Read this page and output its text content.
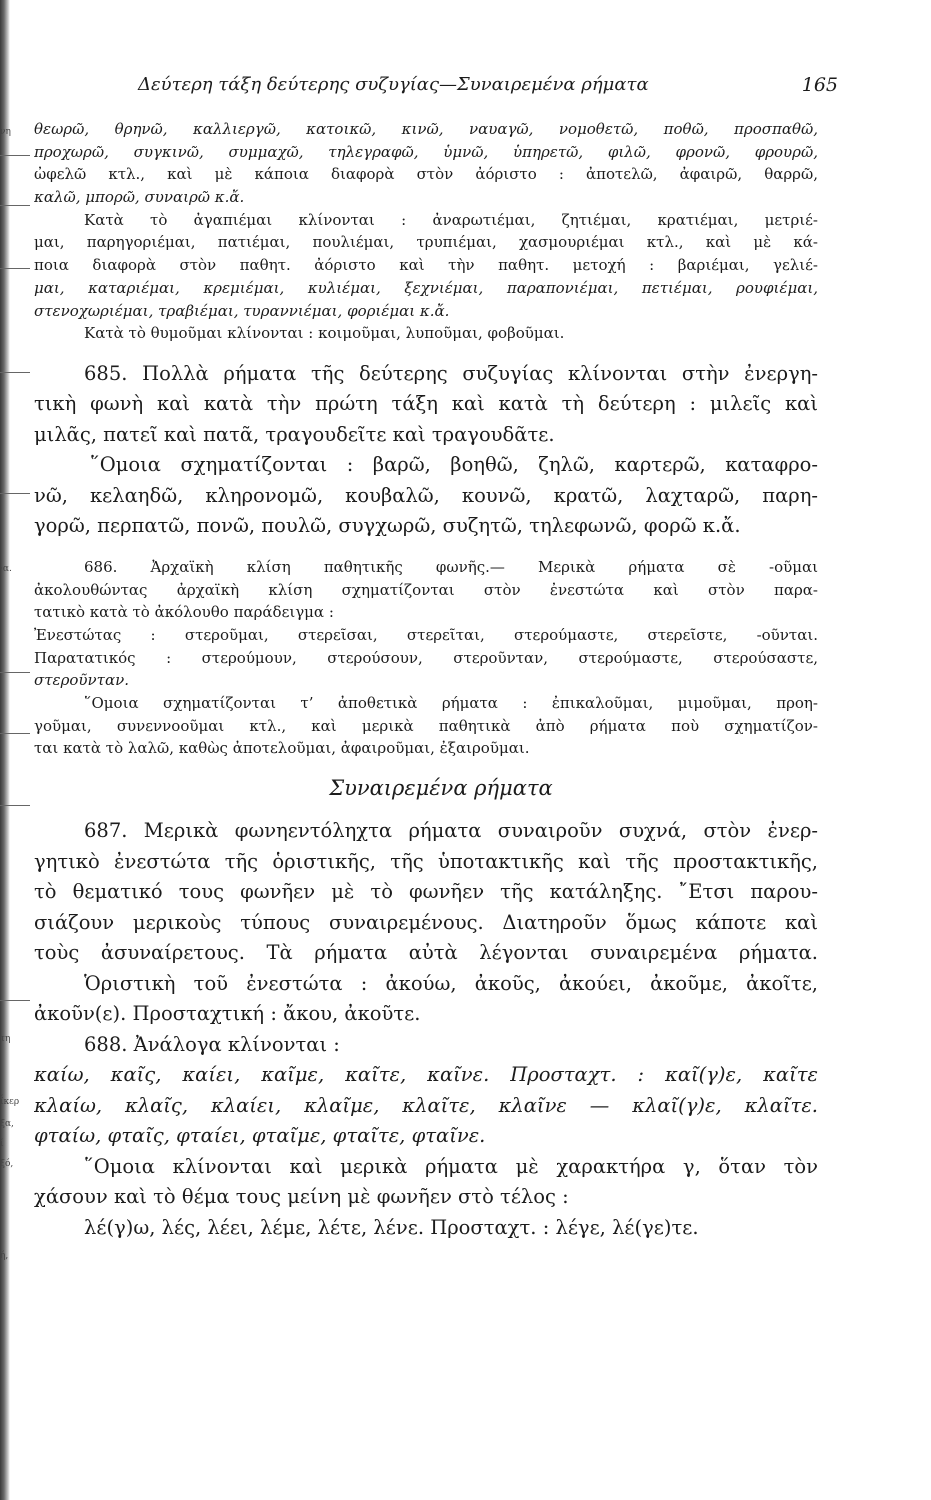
νη
·α.
τη
ΐκερ
ξα,
ί
ξό,
ή,
Δεύτερη τάξη δεύτερης συζυγίας—Συναιρεμένα ρήματα	165
θεωρῶ, θρηνῶ, καλλιεργῶ, κατοικῶ, κινῶ, ναυαγῶ, νομοθετῶ, ποθῶ, προσπαθῶ,
προχωρῶ, συγκινῶ, συμμαχῶ, τηλεγραφῶ, ὑμνῶ, ὑπηρετῶ, φιλῶ, φρονῶ, φρουρῶ,
ὠφελῶ κτλ., καὶ μὲ κάποια διαφορὰ στὸν ἀόριστο : ἀποτελῶ, ἀφαιρῶ, θαρρῶ,
καλῶ, μπορῶ, συναιρῶ κ.ἄ.
Κατὰ τὸ ἀγαπιέμαι κλίνονται : ἀναρωτιέμαι, ζητιέμαι, κρατιέμαι, μετριέ-
μαι, παρηγοριέμαι, πατιέμαι, πουλιέμαι, τρυπιέμαι, χασμουριέμαι κτλ., καὶ μὲ κά-
ποια διαφορὰ στὸν παθητ. ἀόριστο καὶ τὴν παθητ. μετοχή : βαριέμαι, γελιέ-
μαι, καταριέμαι, κρεμιέμαι, κυλιέμαι, ξεχνιέμαι, παραπονιέμαι, πετιέμαι, ρουφιέμαι,
στενοχωριέμαι, τραβιέμαι, τυραννιέμαι, φοριέμαι κ.ἄ.
Κατὰ τὸ θυμοῦμαι κλίνονται : κοιμοῦμαι, λυποῦμαι, φοβοῦμαι.
685. Πολλὰ ρήματα τῆς δεύτερης συζυγίας κλίνονται στὴν ἐνεργη-
τικὴ φωνὴ καὶ κατὰ τὴν πρώτη τάξη καὶ κατὰ τὴ δεύτερη : μιλεῖς καὶ
μιλᾶς, πατεῖ καὶ πατᾶ, τραγουδεῖτε καὶ τραγουδᾶτε.
῞Ομοια σχηματίζονται : βαρῶ, βοηθῶ, ζηλῶ, καρτερῶ, καταφρο-
νῶ, κελαηδῶ, κληρονομῶ, κουβαλῶ, κουνῶ, κρατῶ, λαχταρῶ, παρη-
γορῶ, περπατῶ, πονῶ, πουλῶ, συγχωρῶ, συζητῶ, τηλεφωνῶ, φορῶ κ.ἄ.
686. Ἀρχαϊκὴ κλίση παθητικῆς φωνῆς.— Μερικὰ ρήματα σὲ -οῦμαι
ἀκολουθώντας ἀρχαϊκὴ κλίση σχηματίζονται στὸν ἐνεστώτα καὶ στὸν παρα-
τατικὸ κατὰ τὸ ἀκόλουθο παράδειγμα :
Ἐνεστώτας : στεροῦμαι, στερεῖσαι, στερεῖται, στερούμαστε, στερεῖστε, -οῦνται.
Παρατατικός : στερούμουν, στερούσουν, στεροῦνταν, στερούμαστε, στερούσαστε,
στεροῦνταν.
῞Ομοια σχηματίζονται τ’ ἀποθετικὰ ρήματα : ἐπικαλοῦμαι, μιμοῦμαι, προη-
γοῦμαι, συνεννοοῦμαι κτλ., καὶ μερικὰ παθητικὰ ἀπὸ ρήματα ποὺ σχηματίζον-
ται κατὰ τὸ λαλῶ, καθὼς ἀποτελοῦμαι, ἀφαιροῦμαι, ἐξαιροῦμαι.
Συναιρεμένα ρήματα
687. Μερικὰ φωνηεντόληχτα ρήματα συναιροῦν συχνά, στὸν ἐνερ-
γητικὸ ἐνεστώτα τῆς ὁριστικῆς, τῆς ὑποτακτικῆς καὶ τῆς προστακτικῆς,
τὸ θεματικό τους φωνῆεν μὲ τὸ φωνῆεν τῆς κατάληξης. ῎Ετσι παρου-
σιάζουν μερικοὺς τύπους συναιρεμένους. Διατηροῦν ὅμως κάποτε καὶ
τοὺς ἀσυναίρετους. Τὰ ρήματα αὐτὰ λέγονται συναιρεμένα ρήματα.
Ὁριστικὴ τοῦ ἐνεστώτα : ἀκούω, ἀκοῦς, ἀκούει, ἀκοῦμε, ἀκοῖτε,
ἀκοῦν(ε). Προσταχτική : ἄκου, ἀκοῦτε.
688. Ἀνάλογα κλίνονται :
καίω, καῖς, καίει, καῖμε, καῖτε, καῖνε. Προσταχτ. : καῖ(γ)ε, καῖτε
κλαίω, κλαῖς, κλαίει, κλαῖμε, κλαῖτε, κλαῖνε — κλαῖ(γ)ε, κλαῖτε.
φταίω, φταῖς, φταίει, φταῖμε, φταῖτε, φταῖνε.
῞Ομοια κλίνονται καὶ μερικὰ ρήματα μὲ χαρακτήρα γ, ὅταν τὸν
χάσουν καὶ τὸ θέμα τους μείνη μὲ φωνῆεν στὸ τέλος :
λέ(γ)ω, λές, λέει, λέμε, λέτε, λένε. Προσταχτ. : λέγε, λέ(γε)τε.
